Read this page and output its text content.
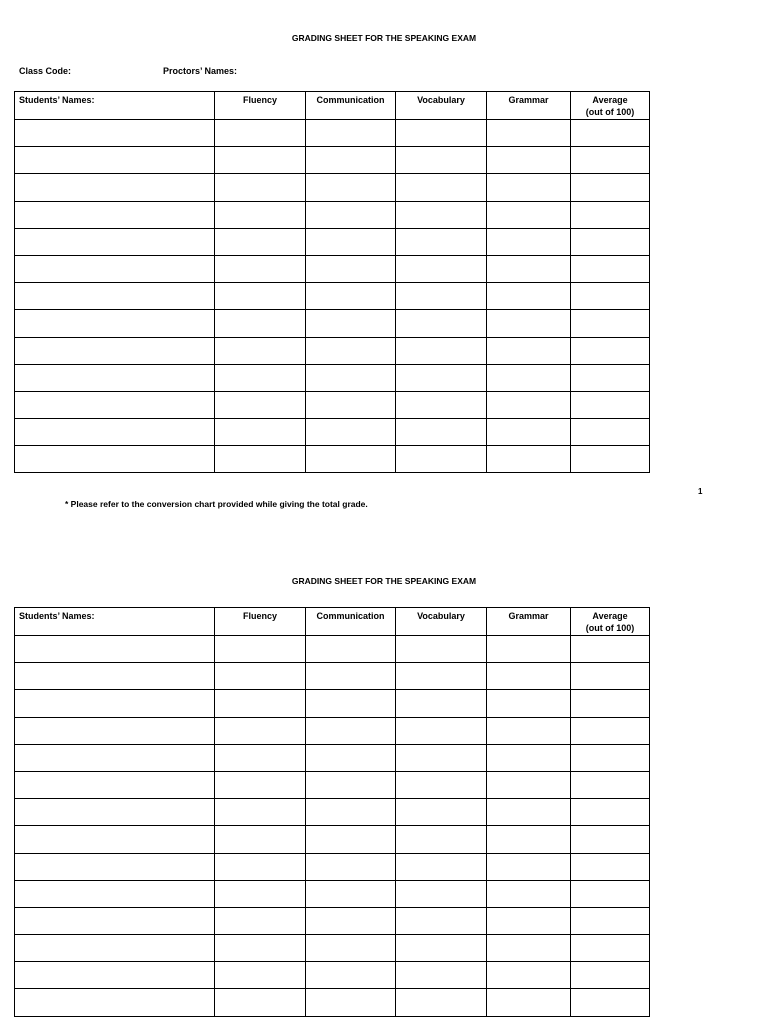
GRADING SHEET FOR THE SPEAKING EXAM
Class Code:	Proctors’ Names:
Students’ Names:	Fluency	Communication	Vocabulary	Grammar	Average
(out of 100)

1
* Please refer to the conversion chart provided while giving the total grade.
GRADING SHEET FOR THE SPEAKING EXAM
Students’ Names:	Fluency	Communication	Vocabulary	Grammar	Average
(out of 100)
